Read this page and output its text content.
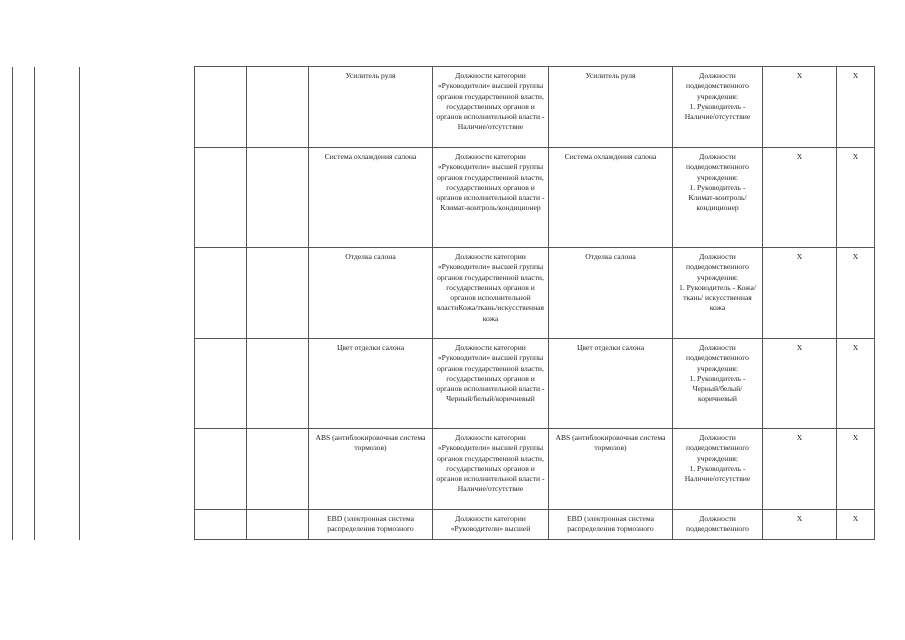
					Усилитель руля	Должности категории «Руководители» высшей группы органов государственной власти, государственных органов и органов исполнительной власти - Наличие/отсутствие	Усилитель руля	Должности подведомственного учреждения:
1. Руководитель - Наличие/отсутствие	Х	Х

					Система охлаждения салона	Должности категории «Руководители» высшей группы органов государственной власти, государственных органов и органов исполнительной власти - Климат-контроль/кондиционер	Система охлаждения салона	Должности подведомственного учреждения:
1. Руководитель - Климат-контроль/кондиционер	Х	Х

					Отделка салона	Должности категории «Руководители» высшей группы органов государственной власти, государственных органов и органов исполнительной властиКожа/ткань/искусственная кожа	Отделка салона	Должности подведомственного учреждения:
1. Руководитель - Кожа/ткань/ искусственная кожа	Х	Х

					Цвет отделки салона	Должности категории «Руководители» высшей группы органов государственной власти, государственных органов и органов исполнительной власти - Черный/белый/коричневый	Цвет отделки салона	Должности подведомственного учреждения:
1. Руководитель - Черный/белый/ коричневый	Х	Х

					ABS (антиблокировочная система тормозов)	Должности категории «Руководители» высшей группы органов государственной власти, государственных органов и органов исполнительной власти - Наличие/отсутствие	ABS (антиблокировочная система тормозов)	Должности подведомственного учреждения:
1. Руководитель - Наличие/отсутствие	Х	Х

					EBD (электронная система распределения тормозного	Должности категории «Руководители» высшей	EBD (электронная система распределения тормозного	Должности подведомственного	Х	Х
